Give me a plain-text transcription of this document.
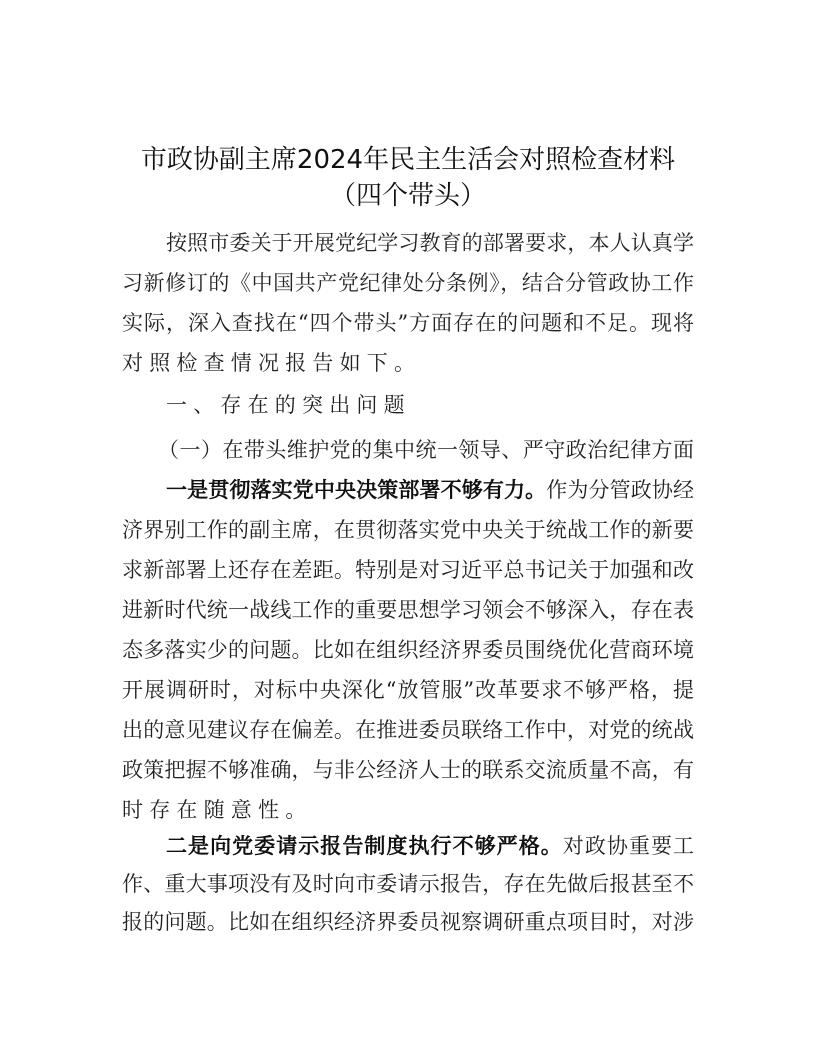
市政协副主席2024年民主生活会对照检查材料
（四个带头）
按照市委关于开展党纪学习教育的部署要求，本人认真学
习新修订的《中国共产党纪律处分条例》，结合分管政协工作
实际，深入查找在“四个带头”方面存在的问题和不足。现将
对照检查情况报告如下。
一、存在的突出问题
（一）在带头维护党的集中统一领导、严守政治纪律方面
一是贯彻落实党中央决策部署不够有力。作为分管政协经
济界别工作的副主席，在贯彻落实党中央关于统战工作的新要
求新部署上还存在差距。特别是对习近平总书记关于加强和改
进新时代统一战线工作的重要思想学习领会不够深入，存在表
态多落实少的问题。比如在组织经济界委员围绕优化营商环境
开展调研时，对标中央深化“放管服”改革要求不够严格，提
出的意见建议存在偏差。在推进委员联络工作中，对党的统战
政策把握不够准确，与非公经济人士的联系交流质量不高，有
时存在随意性。
二是向党委请示报告制度执行不够严格。对政协重要工
作、重大事项没有及时向市委请示报告，存在先做后报甚至不
报的问题。比如在组织经济界委员视察调研重点项目时，对涉
